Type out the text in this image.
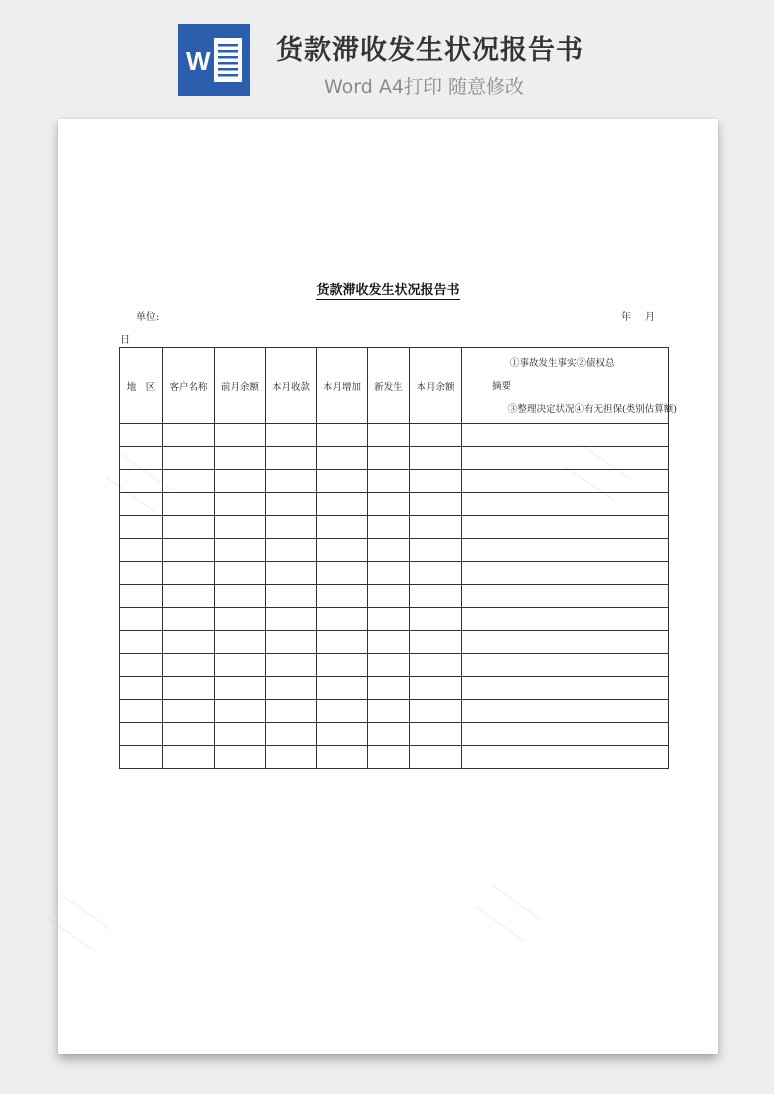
W 货款滞收发生状况报告书
Word A4打印 随意修改
货款滞收发生状况报告书
单位:	年 月
日
地　区	客户名称	前月余额	本月收款	本月增加	新发生	本月余额	①事故发生事实②债权总
摘要
③整理决定状况④有无担保(类别估算额)
